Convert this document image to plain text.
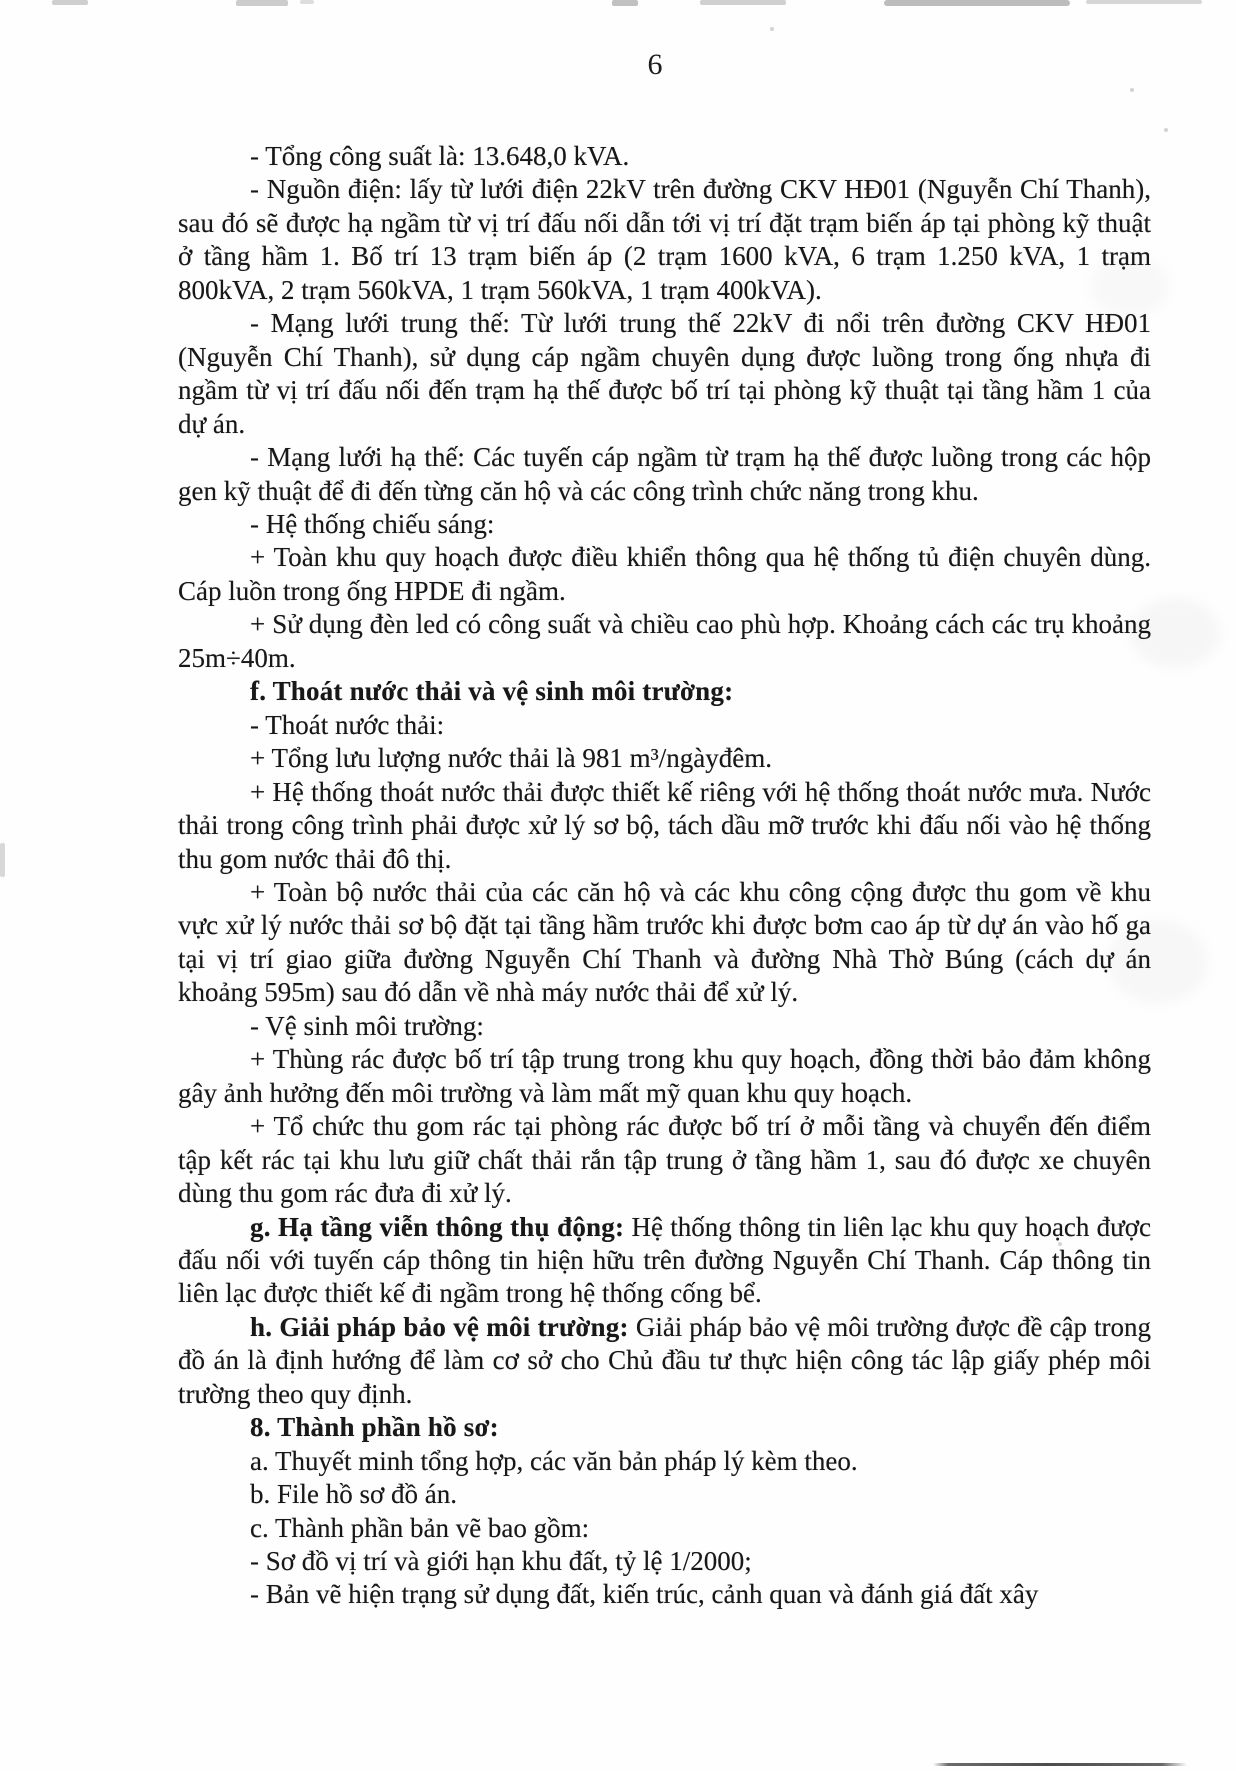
6

- Tổng công suất là: 13.648,0 kVA.

- Nguồn điện: lấy từ lưới điện 22kV trên đường CKV HĐ01 (Nguyễn Chí Thanh), sau đó sẽ được hạ ngầm từ vị trí đấu nối dẫn tới vị trí đặt trạm biến áp tại phòng kỹ thuật ở tầng hầm 1. Bố trí 13 trạm biến áp (2 trạm 1600 kVA, 6 trạm 1.250 kVA, 1 trạm 800kVA, 2 trạm 560kVA, 1 trạm 560kVA, 1 trạm 400kVA).

- Mạng lưới trung thế: Từ lưới trung thế 22kV đi nổi trên đường CKV HĐ01 (Nguyễn Chí Thanh), sử dụng cáp ngầm chuyên dụng được luồng trong ống nhựa đi ngầm từ vị trí đấu nối đến trạm hạ thế được bố trí tại phòng kỹ thuật tại tầng hầm 1 của dự án.

- Mạng lưới hạ thế: Các tuyến cáp ngầm từ trạm hạ thế được luồng trong các hộp gen kỹ thuật để đi đến từng căn hộ và các công trình chức năng trong khu.

- Hệ thống chiếu sáng:

+ Toàn khu quy hoạch được điều khiển thông qua hệ thống tủ điện chuyên dùng. Cáp luồn trong ống HPDE đi ngầm.

+ Sử dụng đèn led có công suất và chiều cao phù hợp. Khoảng cách các trụ khoảng 25m÷40m.

f. Thoát nước thải và vệ sinh môi trường:

- Thoát nước thải:

+ Tổng lưu lượng nước thải là 981 m³/ngàyđêm.

+ Hệ thống thoát nước thải được thiết kế riêng với hệ thống thoát nước mưa. Nước thải trong công trình phải được xử lý sơ bộ, tách dầu mỡ trước khi đấu nối vào hệ thống thu gom nước thải đô thị.

+ Toàn bộ nước thải của các căn hộ và các khu công cộng được thu gom về khu vực xử lý nước thải sơ bộ đặt tại tầng hầm trước khi được bơm cao áp từ dự án vào hố ga tại vị trí giao giữa đường Nguyễn Chí Thanh và đường Nhà Thờ Búng (cách dự án khoảng 595m) sau đó dẫn về nhà máy nước thải để xử lý.

- Vệ sinh môi trường:

+ Thùng rác được bố trí tập trung trong khu quy hoạch, đồng thời bảo đảm không gây ảnh hưởng đến môi trường và làm mất mỹ quan khu quy hoạch.

+ Tổ chức thu gom rác tại phòng rác được bố trí ở mỗi tầng và chuyển đến điểm tập kết rác tại khu lưu giữ chất thải rắn tập trung ở tầng hầm 1, sau đó được xe chuyên dùng thu gom rác đưa đi xử lý.

g. Hạ tầng viễn thông thụ động: Hệ thống thông tin liên lạc khu quy hoạch được đấu nối với tuyến cáp thông tin hiện hữu trên đường Nguyễn Chí Thanh. Cáp thông tin liên lạc được thiết kế đi ngầm trong hệ thống cống bể.

h. Giải pháp bảo vệ môi trường: Giải pháp bảo vệ môi trường được đề cập trong đồ án là định hướng để làm cơ sở cho Chủ đầu tư thực hiện công tác lập giấy phép môi trường theo quy định.

8. Thành phần hồ sơ:

a. Thuyết minh tổng hợp, các văn bản pháp lý kèm theo.

b. File hồ sơ đồ án.

c. Thành phần bản vẽ bao gồm:

- Sơ đồ vị trí và giới hạn khu đất, tỷ lệ 1/2000;

- Bản vẽ hiện trạng sử dụng đất, kiến trúc, cảnh quan và đánh giá đất xây
